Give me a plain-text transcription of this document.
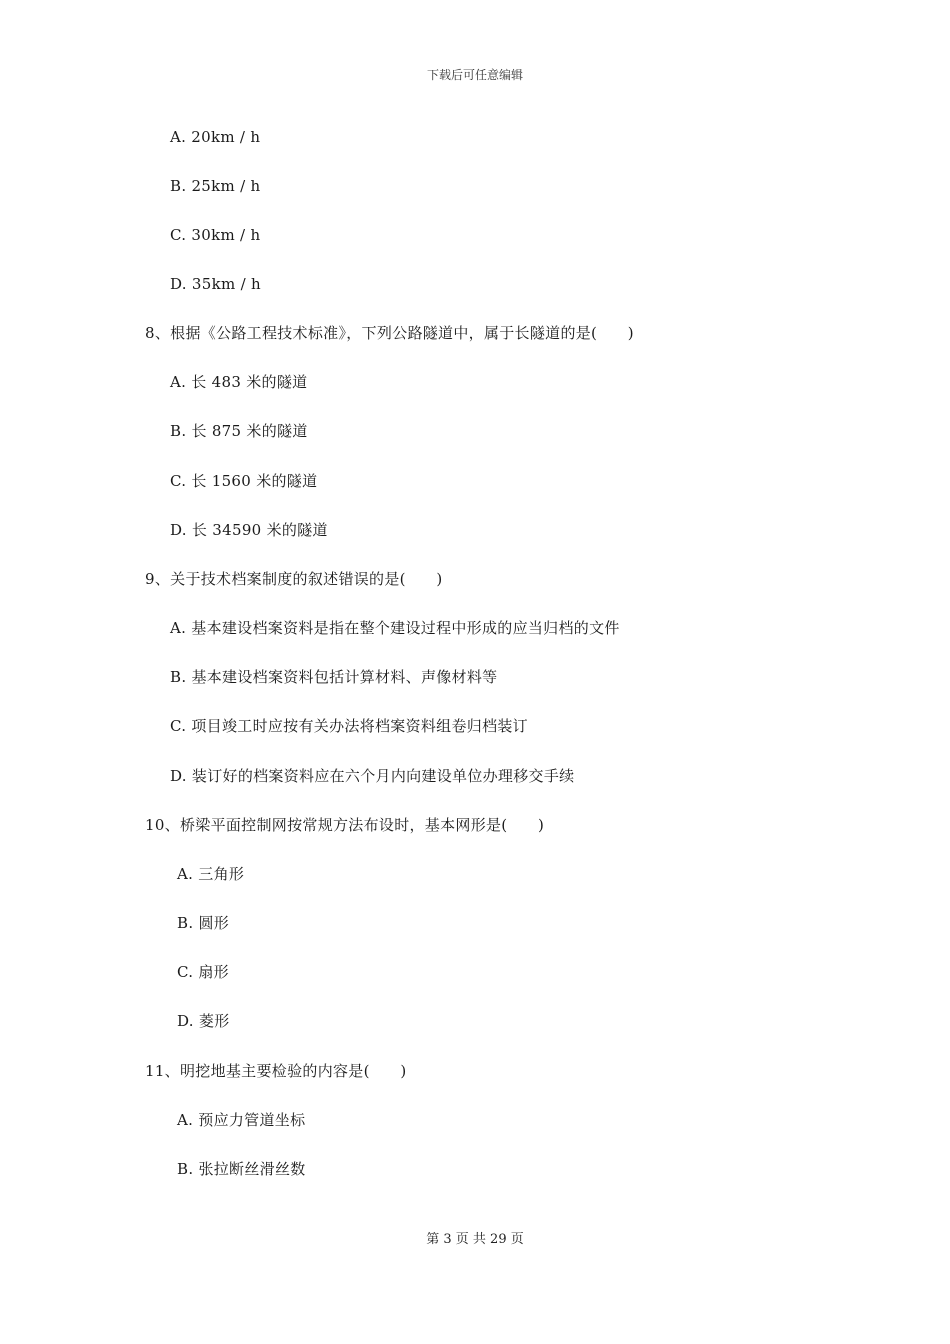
下载后可任意编辑
A. 20km / h
B. 25km / h
C. 30km / h
D. 35km / h
8、根据《公路工程技术标准》，下列公路隧道中，属于长隧道的是(　　)
A. 长 483 米的隧道
B. 长 875 米的隧道
C. 长 1560 米的隧道
D. 长 34590 米的隧道
9、关于技术档案制度的叙述错误的是(　　)
A. 基本建设档案资料是指在整个建设过程中形成的应当归档的文件
B. 基本建设档案资料包括计算材料、声像材料等
C. 项目竣工时应按有关办法将档案资料组卷归档装订
D. 装订好的档案资料应在六个月内向建设单位办理移交手续
10、桥梁平面控制网按常规方法布设时，基本网形是(　　)
A. 三角形
B. 圆形
C. 扇形
D. 菱形
11、明挖地基主要检验的内容是(　　)
A. 预应力管道坐标
B. 张拉断丝滑丝数
第 3 页 共 29 页
